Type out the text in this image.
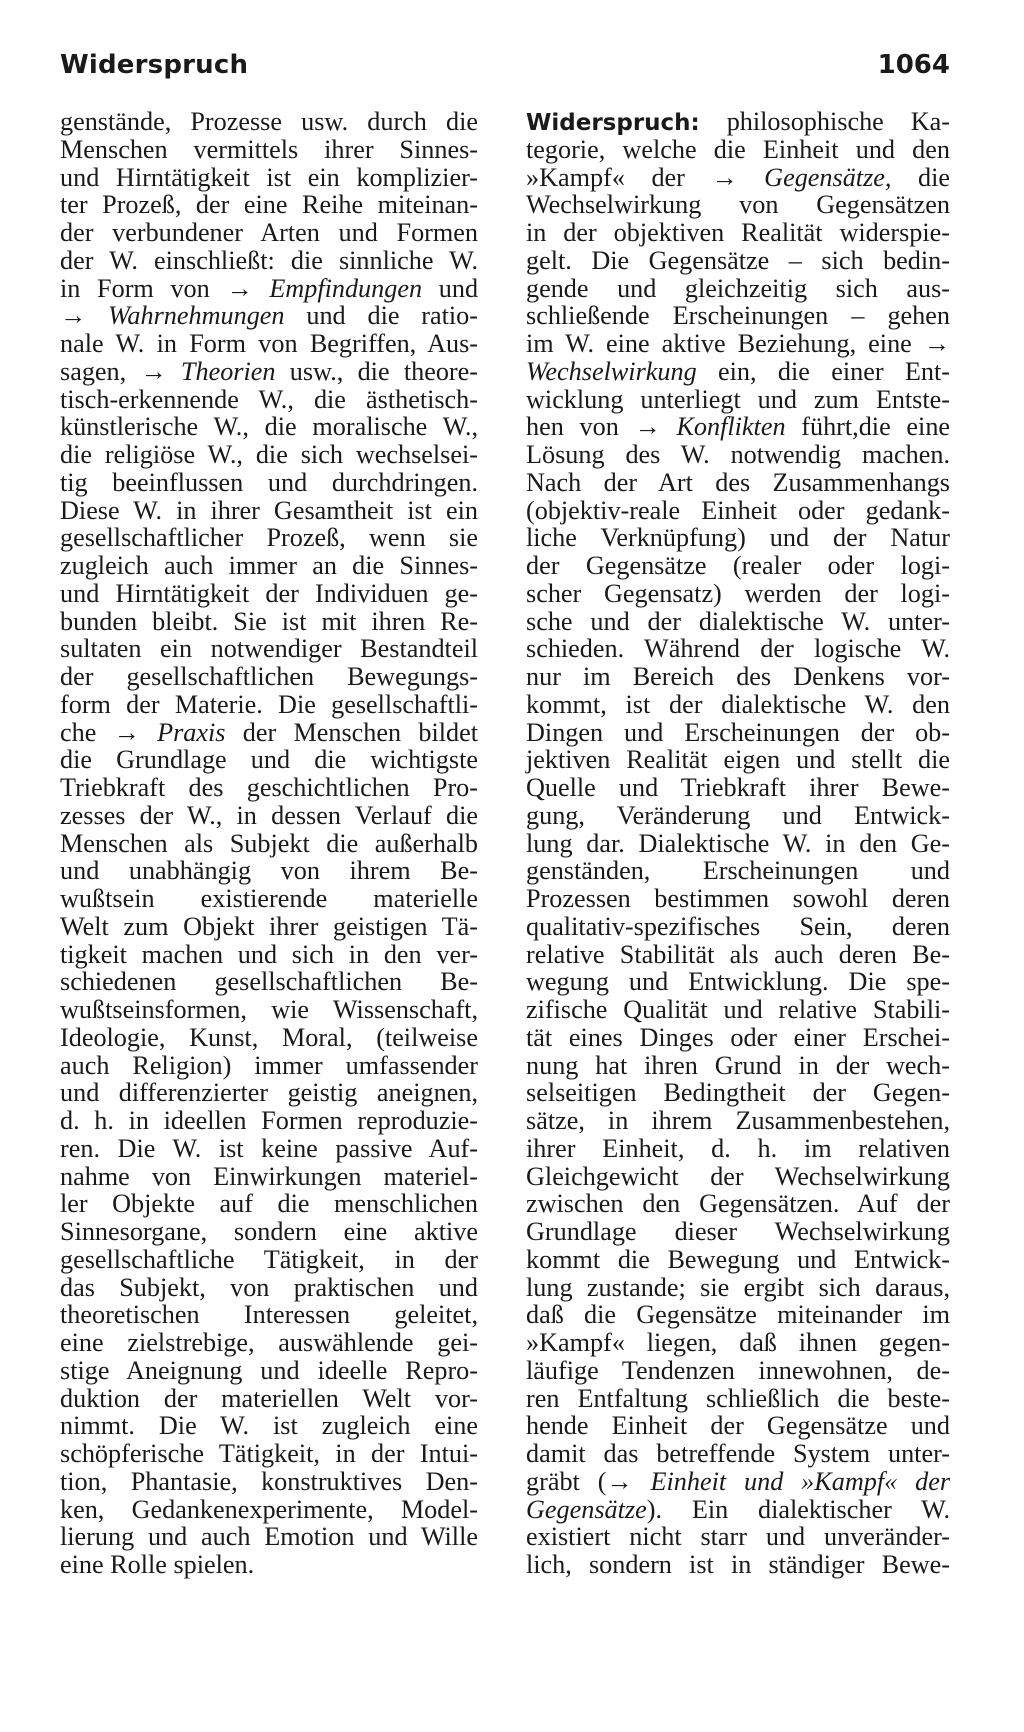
Widerspruch	1064
genstände, Prozesse usw. durch die
Menschen vermittels ihrer Sinnes-
und Hirntätigkeit ist ein komplizier-
ter Prozeß, der eine Reihe miteinan-
der verbundener Arten und Formen
der W. einschließt: die sinnliche W.
in Form von → Empfindungen und
→ Wahrnehmungen und die ratio-
nale W. in Form von Begriffen, Aus-
sagen, → Theorien usw., die theore-
tisch-erkennende W., die ästhetisch-
künstlerische W., die moralische W.,
die religiöse W., die sich wechselsei-
tig beeinflussen und durchdringen.
Diese W. in ihrer Gesamtheit ist ein
gesellschaftlicher Prozeß, wenn sie
zugleich auch immer an die Sinnes-
und Hirntätigkeit der Individuen ge-
bunden bleibt. Sie ist mit ihren Re-
sultaten ein notwendiger Bestandteil
der gesellschaftlichen Bewegungs-
form der Materie. Die gesellschaftli-
che → Praxis der Menschen bildet
die Grundlage und die wichtigste
Triebkraft des geschichtlichen Pro-
zesses der W., in dessen Verlauf die
Menschen als Subjekt die außerhalb
und unabhängig von ihrem Be-
wußtsein existierende materielle
Welt zum Objekt ihrer geistigen Tä-
tigkeit machen und sich in den ver-
schiedenen gesellschaftlichen Be-
wußtseinsformen, wie Wissenschaft,
Ideologie, Kunst, Moral, (teilweise
auch Religion) immer umfassender
und differenzierter geistig aneignen,
d. h. in ideellen Formen reproduzie-
ren. Die W. ist keine passive Auf-
nahme von Einwirkungen materiel-
ler Objekte auf die menschlichen
Sinnesorgane, sondern eine aktive
gesellschaftliche Tätigkeit, in der
das Subjekt, von praktischen und
theoretischen Interessen geleitet,
eine zielstrebige, auswählende gei-
stige Aneignung und ideelle Repro-
duktion der materiellen Welt vor-
nimmt. Die W. ist zugleich eine
schöpferische Tätigkeit, in der Intui-
tion, Phantasie, konstruktives Den-
ken, Gedankenexperimente, Model-
lierung und auch Emotion und Wille
eine Rolle spielen.
Widerspruch: philosophische Ka-
tegorie, welche die Einheit und den
»Kampf« der → Gegensätze, die
Wechselwirkung von Gegensätzen
in der objektiven Realität widerspie-
gelt. Die Gegensätze – sich bedin-
gende und gleichzeitig sich aus-
schließende Erscheinungen – gehen
im W. eine aktive Beziehung, eine →
Wechselwirkung ein, die einer Ent-
wicklung unterliegt und zum Entste-
hen von → Konflikten führt,die eine
Lösung des W. notwendig machen.
Nach der Art des Zusammenhangs
(objektiv-reale Einheit oder gedank-
liche Verknüpfung) und der Natur
der Gegensätze (realer oder logi-
scher Gegensatz) werden der logi-
sche und der dialektische W. unter-
schieden. Während der logische W.
nur im Bereich des Denkens vor-
kommt, ist der dialektische W. den
Dingen und Erscheinungen der ob-
jektiven Realität eigen und stellt die
Quelle und Triebkraft ihrer Bewe-
gung, Veränderung und Entwick-
lung dar. Dialektische W. in den Ge-
genständen, Erscheinungen und
Prozessen bestimmen sowohl deren
qualitativ-spezifisches Sein, deren
relative Stabilität als auch deren Be-
wegung und Entwicklung. Die spe-
zifische Qualität und relative Stabili-
tät eines Dinges oder einer Erschei-
nung hat ihren Grund in der wech-
selseitigen Bedingtheit der Gegen-
sätze, in ihrem Zusammenbestehen,
ihrer Einheit, d. h. im relativen
Gleichgewicht der Wechselwirkung
zwischen den Gegensätzen. Auf der
Grundlage dieser Wechselwirkung
kommt die Bewegung und Entwick-
lung zustande; sie ergibt sich daraus,
daß die Gegensätze miteinander im
»Kampf« liegen, daß ihnen gegen-
läufige Tendenzen innewohnen, de-
ren Entfaltung schließlich die beste-
hende Einheit der Gegensätze und
damit das betreffende System unter-
gräbt (→ Einheit und »Kampf« der
Gegensätze). Ein dialektischer W.
existiert nicht starr und unveränder-
lich, sondern ist in ständiger Bewe-
